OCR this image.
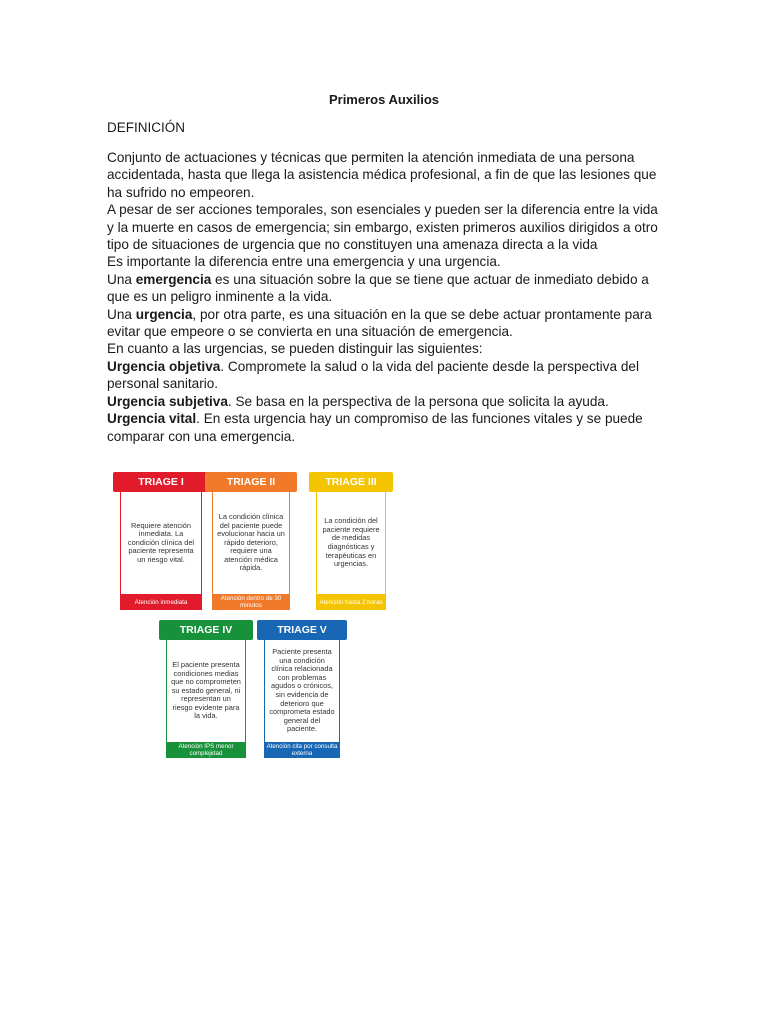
Primeros Auxilios
DEFINICIÓN

Conjunto de actuaciones y técnicas que permiten la atención inmediata de una persona accidentada, hasta que llega la asistencia médica profesional, a fin de que las lesiones que ha sufrido no empeoren.

A pesar de ser acciones temporales, son esenciales y pueden ser la diferencia entre la vida y la muerte en casos de emergencia; sin embargo, existen primeros auxilios dirigidos a otro tipo de situaciones de urgencia que no constituyen una amenaza directa a la vida

Es importante la diferencia entre una emergencia y una urgencia.

Una emergencia es una situación sobre la que se tiene que actuar de inmediato debido a que es un peligro inminente a la vida.

Una urgencia, por otra parte, es una situación en la que se debe actuar prontamente para evitar que empeore o se convierta en una situación de emergencia.

En cuanto a las urgencias, se pueden distinguir las siguientes:

Urgencia objetiva. Compromete la salud o la vida del paciente desde la perspectiva del personal sanitario.

Urgencia subjetiva. Se basa en la perspectiva de la persona que solicita la ayuda.

Urgencia vital. En esta urgencia hay un compromiso de las funciones vitales y se puede comparar con una emergencia.

TRIAGE I
Requiere atención inmediata. La condición clínica del paciente representa un riesgo vital.
Atención inmediata
TRIAGE II
La condición clínica del paciente puede evolucionar hacia un rápido deterioro, requiere una atención médica rápida.
Atención dentro de 30 minutos
TRIAGE III
La condición del paciente requiere de medidas diagnósticas y terapéuticas en urgencias.
Atención hasta 2 horas
TRIAGE IV
El paciente presenta condiciones medias que no comprometen su estado general, ni representan un riesgo evidente para la vida.
Atención IPS menor complejidad
TRIAGE V
Paciente presenta una condición clínica relacionada con problemas agudos o crónicos, sin evidencia de deterioro que comprometa estado general del paciente.
Atención cita por consulta externa
